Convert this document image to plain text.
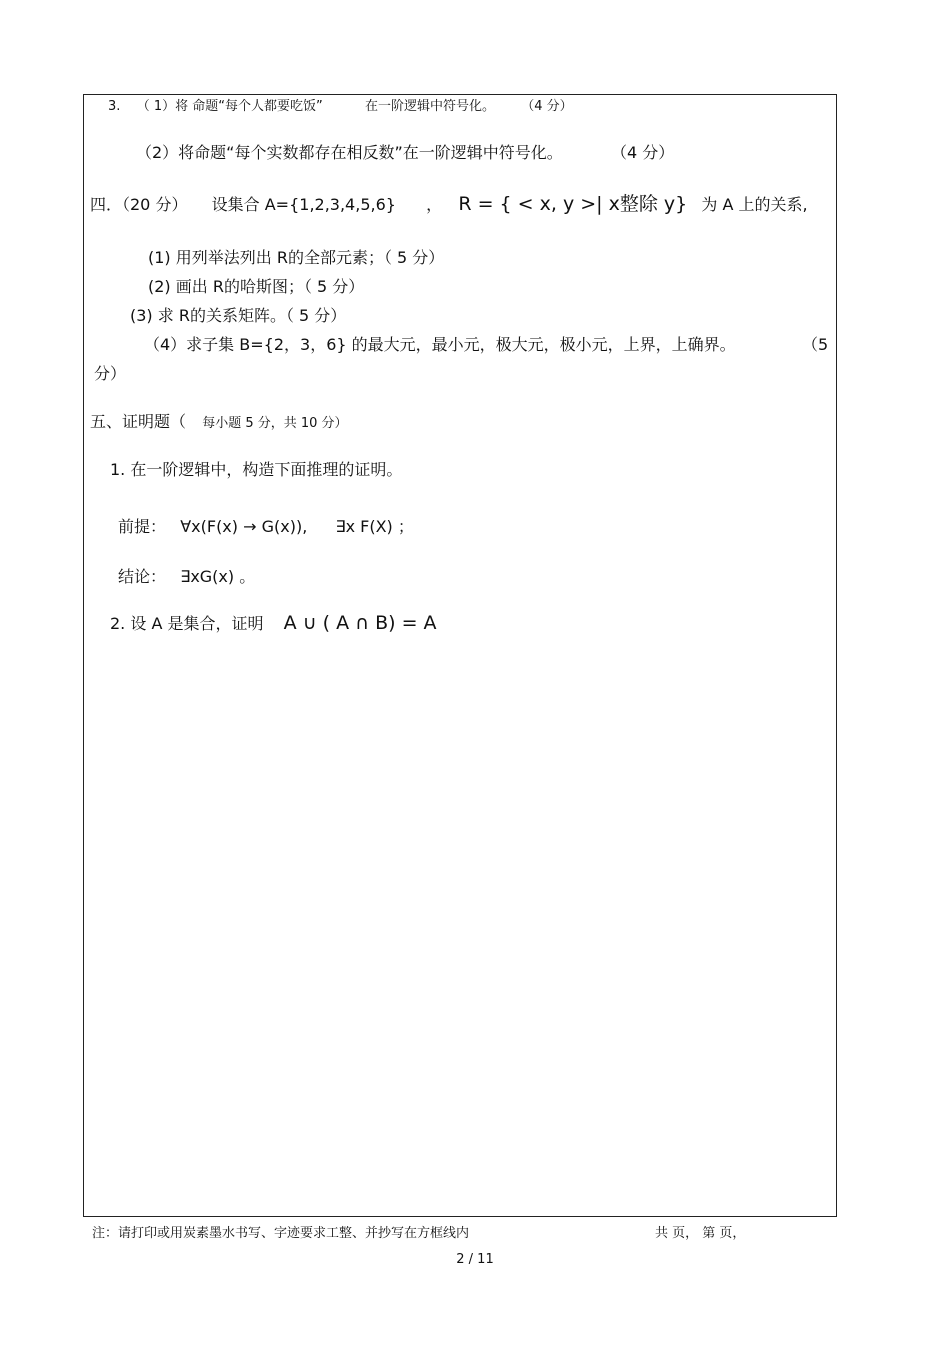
3. （ 1）将 命题“每个人都要吃饭”	在一阶逻辑中符号化。 （4 分）
（2）将命题“每个实数都存在相反数”在一阶逻辑中符号化。	（4 分）
四．（20 分） 设集合 A={1,2,3,4,5,6} ， R = { < x, y >| x整除 y} 为 A 上的关系,
(1) 用列举法列出 R的全部元素；（ 5 分）
(2) 画出 R的哈斯图；（ 5 分）
(3) 求 R的关系矩阵。（ 5 分）
（4）求子集 B={2，3，6} 的最大元，最小元，极大元，极小元，上界，上确界。	（5
分）
五、证明题（ 每小题 5 分，共 10 分）
1. 在一阶逻辑中，构造下面推理的证明。
前提： ∀x(F(x) → G(x)), ∃x F(X) ；
结论： ∃xG(x) 。
2. 设 A 是集合，证明 A ∪ ( A ∩ B) = A
注：请打印或用炭素墨水书写、字迹要求工整、并抄写在方框线内	共 页， 第 页，
2 / 11
